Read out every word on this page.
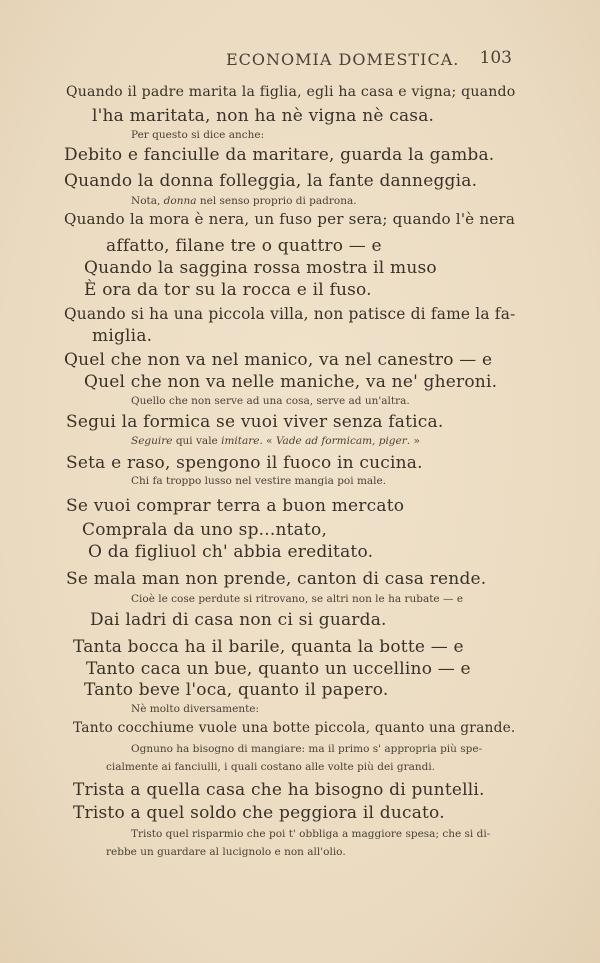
ECONOMIA DOMESTICA. 103
Quando il padre marita la figlia, egli ha casa e vigna; quando
l'ha maritata, non ha nè vigna nè casa.
Per questo si dice anche:
Debito e fanciulle da maritare, guarda la gamba.
Quando la donna folleggia, la fante danneggia.
Nota, donna nel senso proprio di padrona.
Quando la mora è nera, un fuso per sera; quando l'è nera
affatto, filane tre o quattro — e
Quando la saggina rossa mostra il muso
È ora da tor su la rocca e il fuso.
Quando si ha una piccola villa, non patisce di fame la fa-
miglia.
Quel che non va nel manico, va nel canestro — e
Quel che non va nelle maniche, va ne' gheroni.
Quello che non serve ad una cosa, serve ad un'altra.
Segui la formica se vuoi viver senza fatica.
Seguire qui vale imitare. « Vade ad formicam, piger. »
Seta e raso, spengono il fuoco in cucina.
Chi fa troppo lusso nel vestire mangia poi male.
Se vuoi comprar terra a buon mercato
Comprala da uno sp...ntato,
O da figliuol ch' abbia ereditato.
Se mala man non prende, canton di casa rende.
Cioè le cose perdute si ritrovano, se altri non le ha rubate — e
Dai ladri di casa non ci si guarda.
Tanta bocca ha il barile, quanta la botte — e
Tanto caca un bue, quanto un uccellino — e
Tanto beve l'oca, quanto il papero.
Nè molto diversamente:
Tanto cocchiume vuole una botte piccola, quanto una grande.
Ognuno ha bisogno di mangiare: ma il primo s' appropria più spe-
cialmente ai fanciulli, i quali costano alle volte più dei grandi.
Trista a quella casa che ha bisogno di puntelli.
Tristo a quel soldo che peggiora il ducato.
Tristo quel risparmio che poi t' obbliga a maggiore spesa; che si di-
rebbe un guardare al lucignolo e non all'olio.
